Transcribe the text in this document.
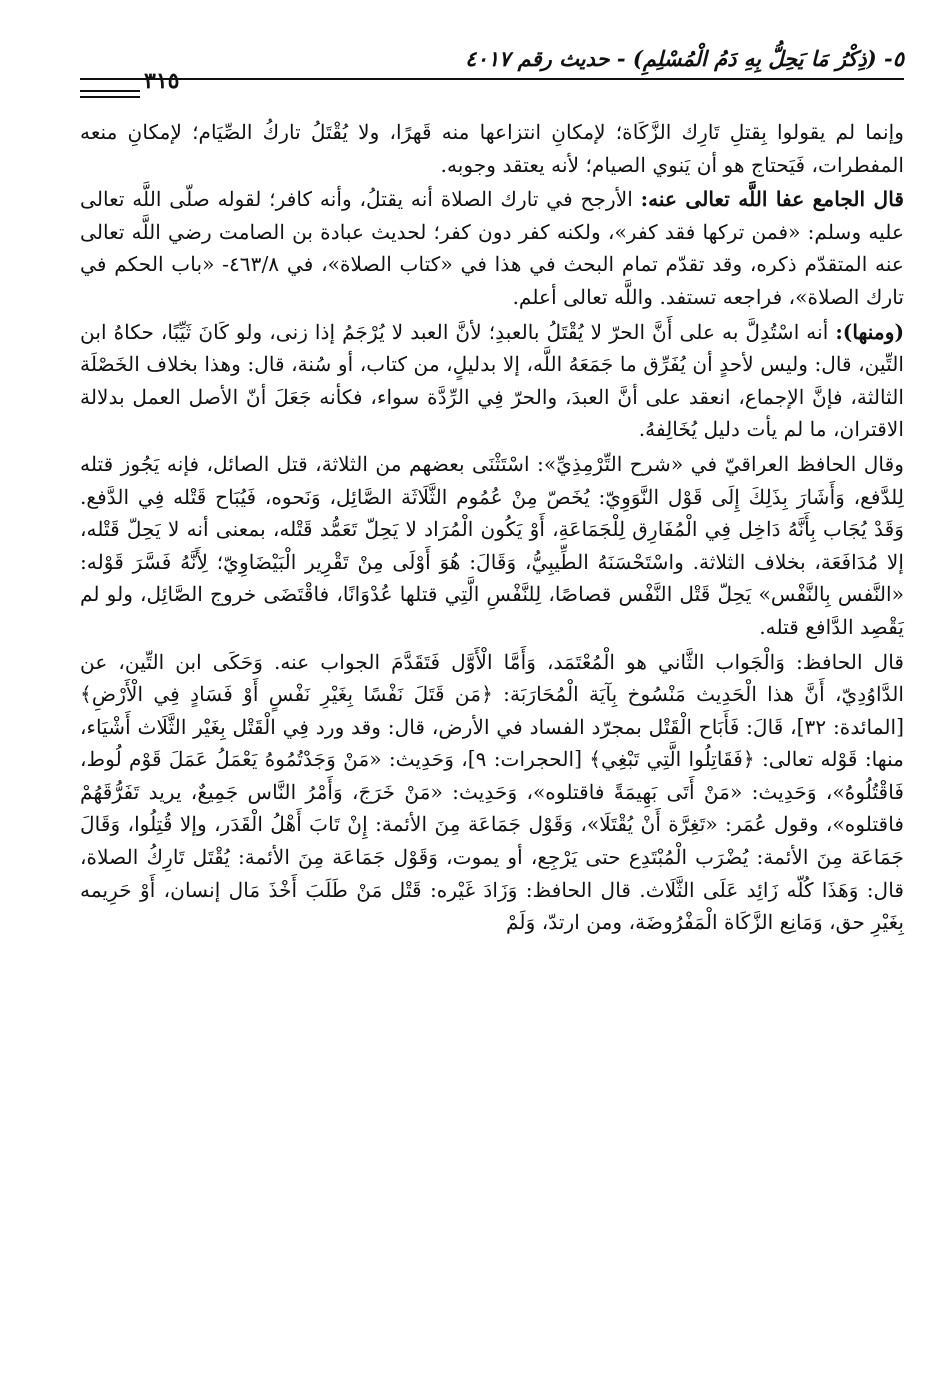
٥- (ذِكْرُ مَا يَحِلُّ بِهِ دَمُ الْمُسْلِمِ) - حديث رقم ٤٠١٧
٣١٥

وإنما لم يقولوا بِقتلِ تَارِك الزَّكَاة؛ لإمكانِ انتزاعها منه قَهرًا، ولا يُقْتَلُ تاركُ الصِّيَام؛ لإمكانِ منعه المفطرات، فَيَحتاج هو أن يَنوي الصيام؛ لأنه يعتقد وجوبه.

قال الجامع عفا اللَّه تعالى عنه: الأرجح في تارك الصلاة أنه يقتلُ، وأنه كافر؛ لقوله صلّى اللَّه تعالى عليه وسلم: «فمن تركها فقد كفر»، ولكنه كفر دون كفر؛ لحديث عبادة بن الصامت رضي اللَّه تعالى عنه المتقدّم ذكره، وقد تقدّم تمام البحث في هذا في «كتاب الصلاة»، في ٤٦٣/٨- «باب الحكم في تارك الصلاة»، فراجعه تستفد. واللَّه تعالى أعلم.

(ومنها): أنه اسْتُدِلَّ به على أَنَّ الحرّ لا يُقْتَلُ بالعبدِ؛ لأنَّ العبد لا يُرْجَمُ إذا زنى، ولو كَانَ ثَيِّبًا، حكاهُ ابن التِّين، قال: وليس لأحدٍ أن يُفَرِّق ما جَمَعَهُ اللَّه، إلا بدليلٍ، من كتاب، أو سُنة، قال: وهذا بخلاف الخَصْلَة الثالثة، فإنَّ الإجماع، انعقد على أنَّ العبدَ، والحرّ فِي الرِّدَّة سواء، فكأنه جَعَلَ أنّ الأصل العمل بدلالة الاقتران، ما لم يأت دليل يُخَالِفهُ.

وقال الحافظ العراقيّ في «شرح التِّرْمِذِيِّ»: اسْتَثْنَى بعضهم من الثلاثة، قتل الصائل، فإنه يَجُوز قتله لِلدَّفع، وَأَشَارَ بِذَلِكَ إِلَى قَوْل النَّوَوِيّ: يُخَصّ مِنْ عُمُوم الثَّلَاثَة الصَّائِل، وَنَحوه، فَيُبَاح قَتْله فِي الدَّفع. وَقَدْ يُجَاب بِأَنَّهُ دَاخِل فِي الْمُفَارِق لِلْجَمَاعَةِ، أَوْ يَكُون الْمُرَاد لا يَحِلّ تَعَمُّد قَتْله، بمعنى أنه لا يَحِلّ قَتْله، إلا مُدَافَعَة، بخلاف الثلاثة. واسْتَحْسَنَهُ الطِّيبِيُّ، وَقَالَ: هُوَ أَوْلَى مِنْ تَقْرِير الْبَيْضَاوِيّ؛ لِأَنَّهُ فَسَّرَ قَوْله: «النَّفس بِالنَّفْس» يَحِلّ قَتْل النَّفْس قصاصًا، لِلنَّفْسِ الَّتِي قتلها عُدْوَانًا، فاقْتَضَى خروج الصَّائِل، ولو لم يَقْصِد الدَّافع قتله.

قال الحافظ: وَالْجَواب الثَّاني هو الْمُعْتَمَد، وَأَمَّا الْأَوَّل فَتَقَدَّمَ الجواب عنه. وَحَكَى ابن التِّين، عن الدَّاوُدِيّ، أَنَّ هذا الْحَدِيث مَنْسُوخ بِآيَة الْمُحَارَبَة: ﴿مَن قَتَلَ نَفْسًا بِغَيْرِ نَفْسٍ أَوْ فَسَادٍ فِي الْأَرْضِ﴾ [المائدة: ٣٢]، قَالَ: فَأَبَاح الْقَتْل بمجرّد الفساد في الأرض، قال: وقد ورد فِي الْقَتْل بِغَيْر الثَّلَاث أَشْيَاء، منها: قَوْله تعالى: ﴿فَقَاتِلُوا الَّتِي تَبْغِي﴾ [الحجرات: ٩]، وَحَدِيث: «مَنْ وَجَدْتُمُوهُ يَعْمَلُ عَمَلَ قَوْم لُوط، فَاقْتُلُوهُ»، وَحَدِيث: «مَنْ أَتَى بَهِيمَةً فاقتلوه»، وَحَدِيث: «مَنْ خَرَجَ، وَأَمْرُ النَّاس جَمِيعٌ، يريد تَفَرُّقَهُمْ فاقتلوه»، وقول عُمَر: «تَغِرَّة أَنْ يُقْتَلَا»، وَقَوْل جَمَاعَة مِنَ الأئمة: إِنْ تَابَ أَهْلُ الْقَدَر، وإلا قُتِلُوا، وَقَالَ جَمَاعَة مِنَ الأئمة: يُضْرَب الْمُبْتَدِع حتى يَرْجِع، أو يموت، وَقَوْل جَمَاعَة مِنَ الأئمة: يُقْتَل تَارِكُ الصلاة، قال: وَهَذَا كُلّه زَائِد عَلَى الثَّلَاث. قال الحافظ: وَزَادَ غَيْره: قَتْل مَنْ طَلَبَ أَخْذَ مَال إنسان، أَوْ حَرِيمه بِغَيْرِ حق، وَمَانِع الزَّكَاة الْمَفْرُوضَة، ومن ارتدّ، وَلَمْ
